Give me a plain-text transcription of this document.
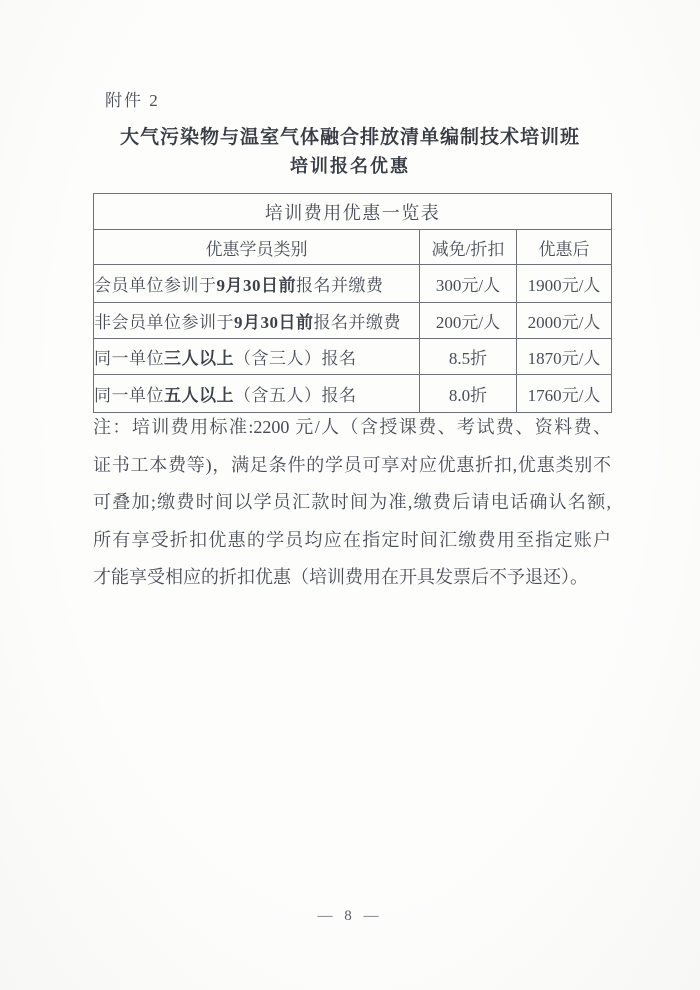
附件 2
大气污染物与温室气体融合排放清单编制技术培训班
培训报名优惠
培训费用优惠一览表		
优惠学员类别	减免/折扣	优惠后
会员单位参训于9月30日前报名并缴费	300元/人	1900元/人
非会员单位参训于9月30日前报名并缴费	200元/人	2000元/人
同一单位三人以上（含三人）报名	8.5折	1870元/人
同一单位五人以上（含五人）报名	8.0折	1760元/人
注：培训费用标准:2200 元/人（含授课费、考试费、资料费、
证书工本费等)，满足条件的学员可享对应优惠折扣,优惠类别不
可叠加;缴费时间以学员汇款时间为准,缴费后请电话确认名额,
所有享受折扣优惠的学员均应在指定时间汇缴费用至指定账户
才能享受相应的折扣优惠（培训费用在开具发票后不予退还）。
— 8 —
